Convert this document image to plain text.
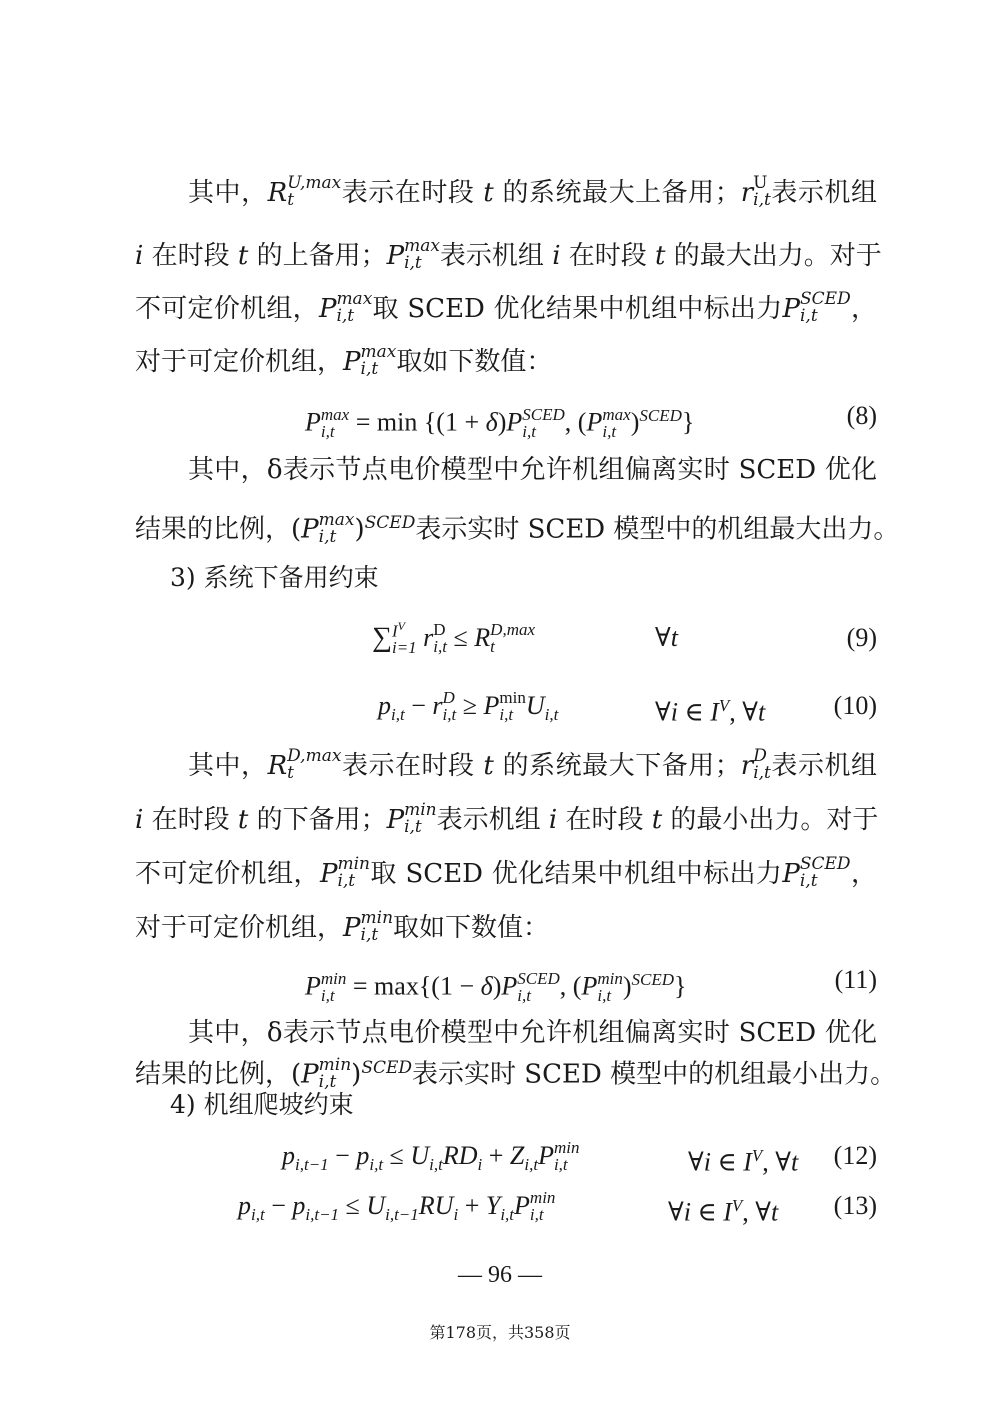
其中，R U,max
t	表示在时段 t 的系统最大上备用；r U
i,t 表示机组
i 在时段 t 的上备用；P max
i,t 表示机组 i 在时段 t 的最大出力。对于
不可定价机组，P max
i,t 取 SCED 优化结果中机组中标出力P SCED
i,t	，
对于可定价机组，P max
i,t 取如下数值：
P max
i,t = min {(1 + δ)P SCED
i,t	, (P max
i,t )$^{SCED}$}	(8)
其中，δ表示节点电价模型中允许机组偏离实时 SCED 优化
结果的比例，(P max
i,t )$^{SCED}$表示实时 SCED 模型中的机组最大出力。
3) 系统下备用约束
∑ $I^V$
i=1 r D
i,t ≤ R D,max
t	∀t	(9)
$p_{i,t} - r$ D
i,t ≥ P min
i,t $U_{i,t}$	∀i ∈ $I^V$, ∀t	(10)
其中，R D,max
t	表示在时段 t 的系统最大下备用；r D
i,t 表示机组
i 在时段 t 的下备用；P min
i,t 表示机组 i 在时段 t 的最小出力。对于
不可定价机组，P min
i,t 取 SCED 优化结果中机组中标出力P SCED
i,t	，
对于可定价机组，P min
i,t 取如下数值：
P min
i,t = max{(1 − δ)P SCED
i,t	, (P min
i,t )$^{SCED}$}	(11)
其中，δ表示节点电价模型中允许机组偏离实时 SCED 优化
结果的比例，(P min
i,t )$^{SCED}$表示实时 SCED 模型中的机组最小出力。
4) 机组爬坡约束
$p_{i,t-1} - p_{i,t} \le U_{i,t}RD_i + Z_{i,t}P$ min
i,t	∀i ∈ $I^V$, ∀t (12)
$p_{i,t} - p_{i,t-1} \le U_{i,t-1}RU_i + Y_{i,t}P$ min
i,t	∀i ∈ $I^V$, ∀t (13)
— 96 —
第178页，共358页
